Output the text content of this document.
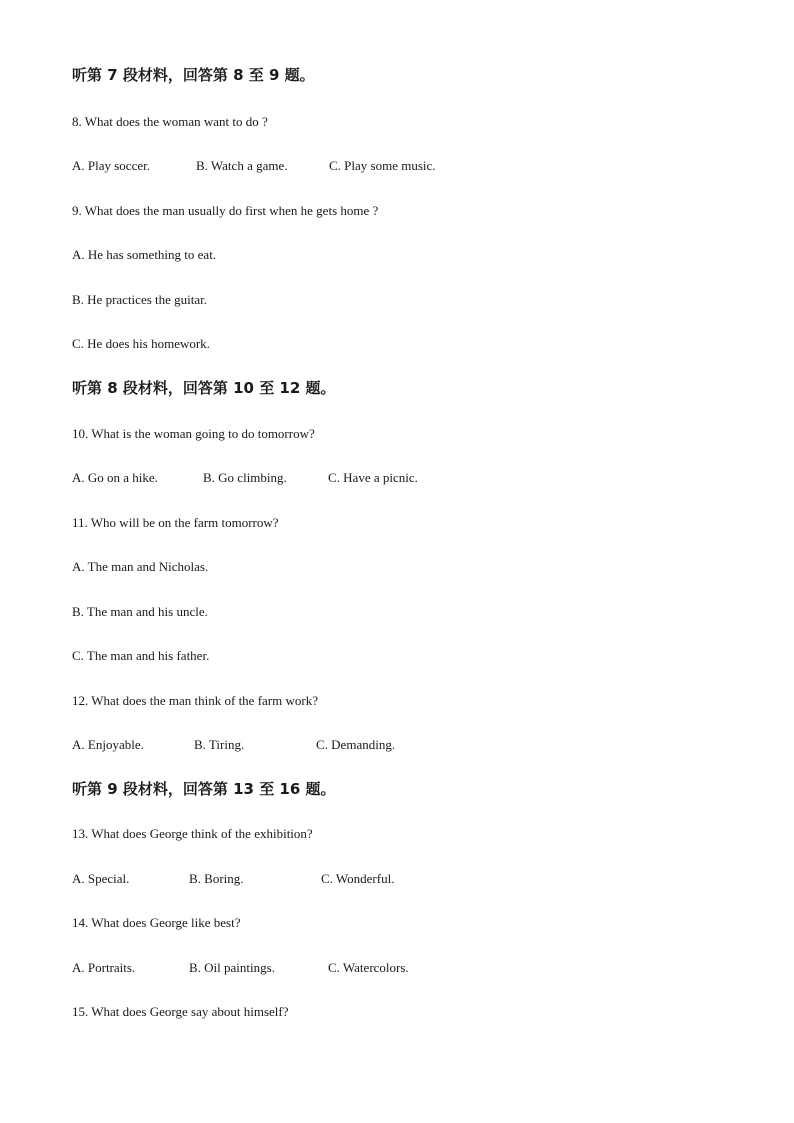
听第 7 段材料，回答第 8 至 9 题。
8. What does the woman want to do ?
A. Play soccer.	B. Watch a game.	C. Play some music.
9. What does the man usually do first when he gets home ?
A. He has something to eat.
B. He practices the guitar.
C. He does his homework.
听第 8 段材料，回答第 10 至 12 题。
10. What is the woman going to do tomorrow?
A. Go on a hike.	B. Go climbing.	C. Have a picnic.
11. Who will be on the farm tomorrow?
A. The man and Nicholas.
B. The man and his uncle.
C. The man and his father.
12. What does the man think of the farm work?
A. Enjoyable.	B. Tiring.	C. Demanding.
听第 9 段材料，回答第 13 至 16 题。
13. What does George think of the exhibition?
A. Special.	B. Boring.	C. Wonderful.
14. What does George like best?
A. Portraits.	B. Oil paintings.	C. Watercolors.
15. What does George say about himself?
